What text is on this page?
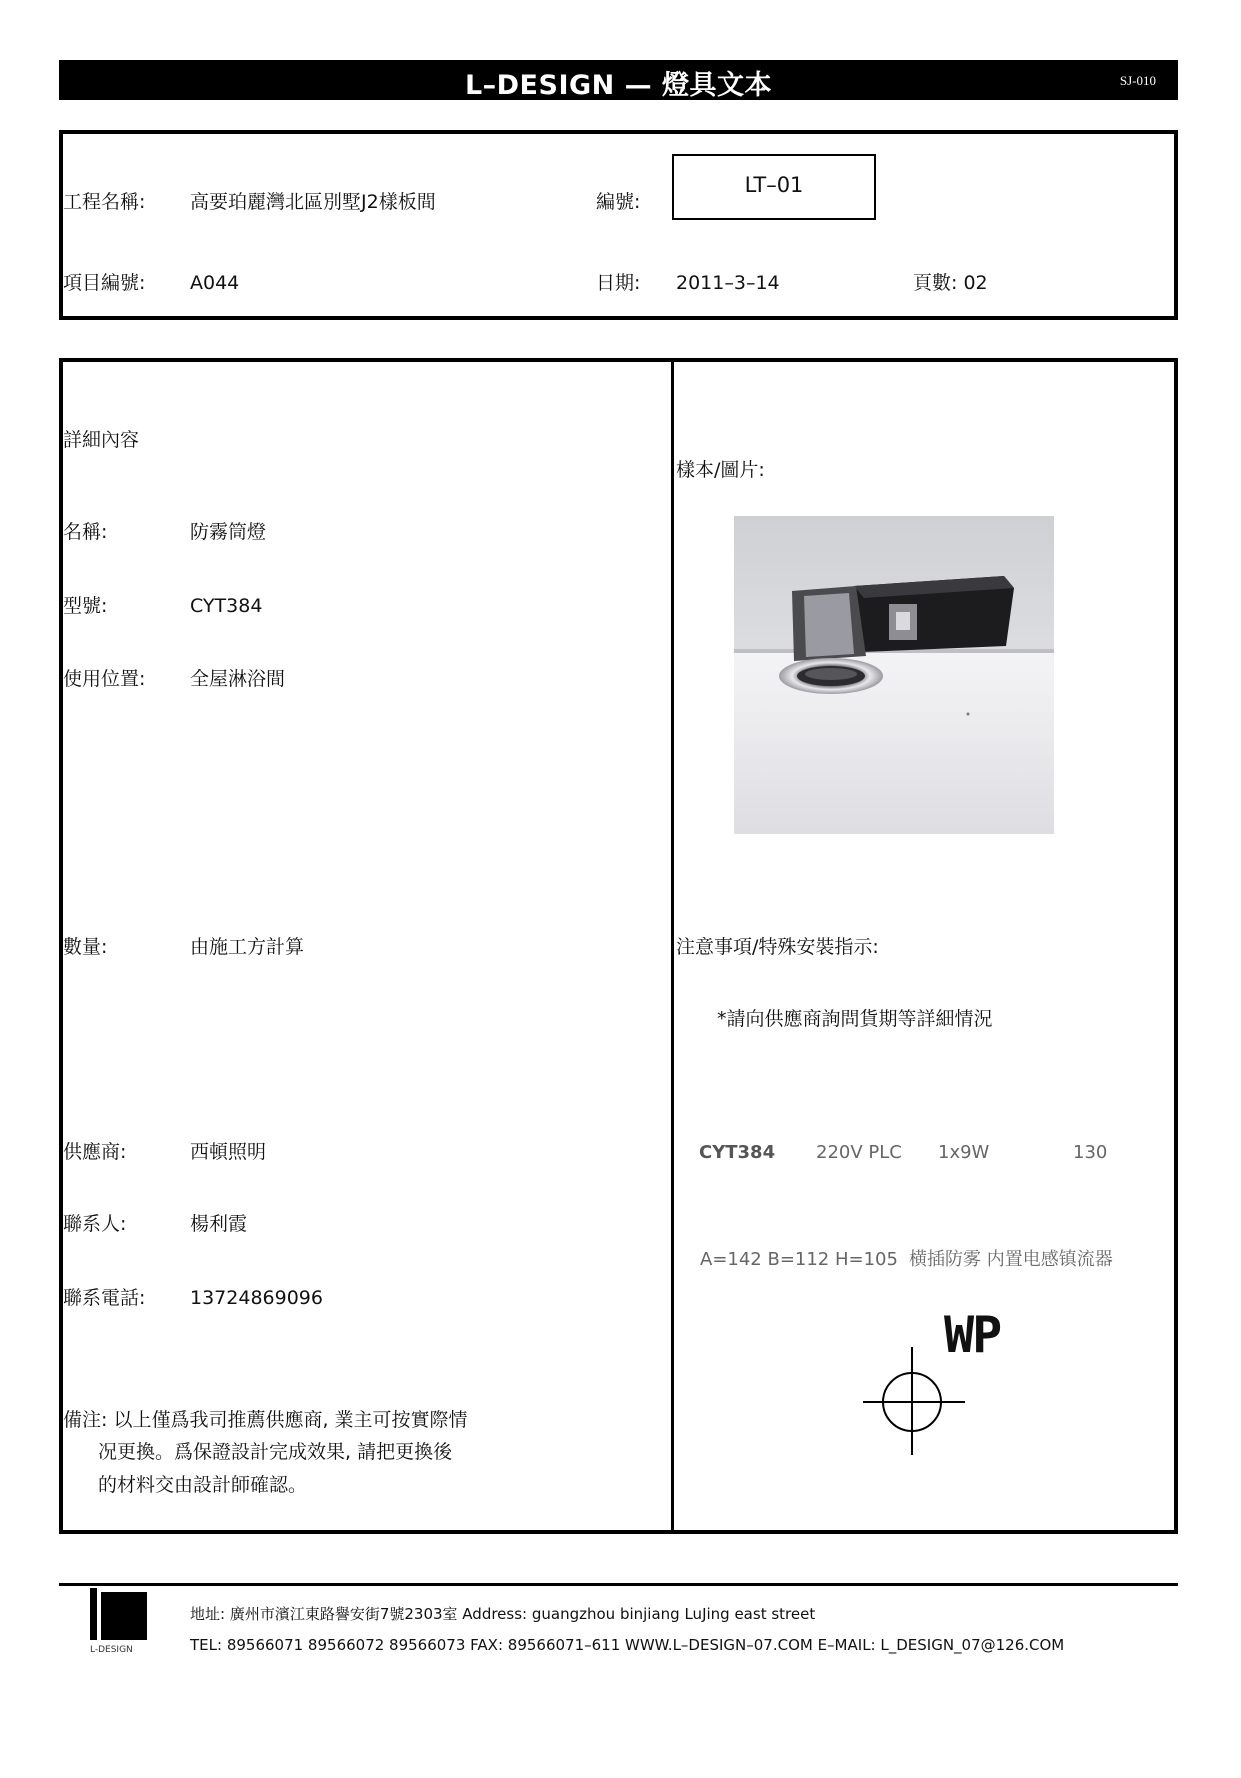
L–DESIGN — 燈具文本	SJ-010
工程名稱: 高要珀麗灣北區別墅J2樣板間	編號:
LT–01
項目編號: A044	日期: 2011–3–14	頁數: 02
詳細內容
名稱:	防霧筒燈
型號:	CYT384
使用位置: 全屋淋浴間
數量:	由施工方計算
供應商:	西頓照明
聯系人:	楊利霞
聯系電話: 13724869096
備注: 以上僅爲我司推薦供應商, 業主可按實際情
况更換。爲保證設計完成效果, 請把更換後
的材料交由設計師確認。
樣本/圖片:
注意事項/特殊安裝指示:
*請向供應商詢問貨期等詳細情況
CYT384 220V PLC 1x9W	130
A=142 B=112 H=105 横插防雾 内置电感镇流器
WP
L-DESIGN
地址: 廣州市濱江東路譽安街7號2303室 Address: guangzhou binjiang LuJing east street
TEL: 89566071 89566072 89566073 FAX: 89566071–611 WWW.L–DESIGN–07.COM E–MAIL: L_DESIGN_07@126.COM
